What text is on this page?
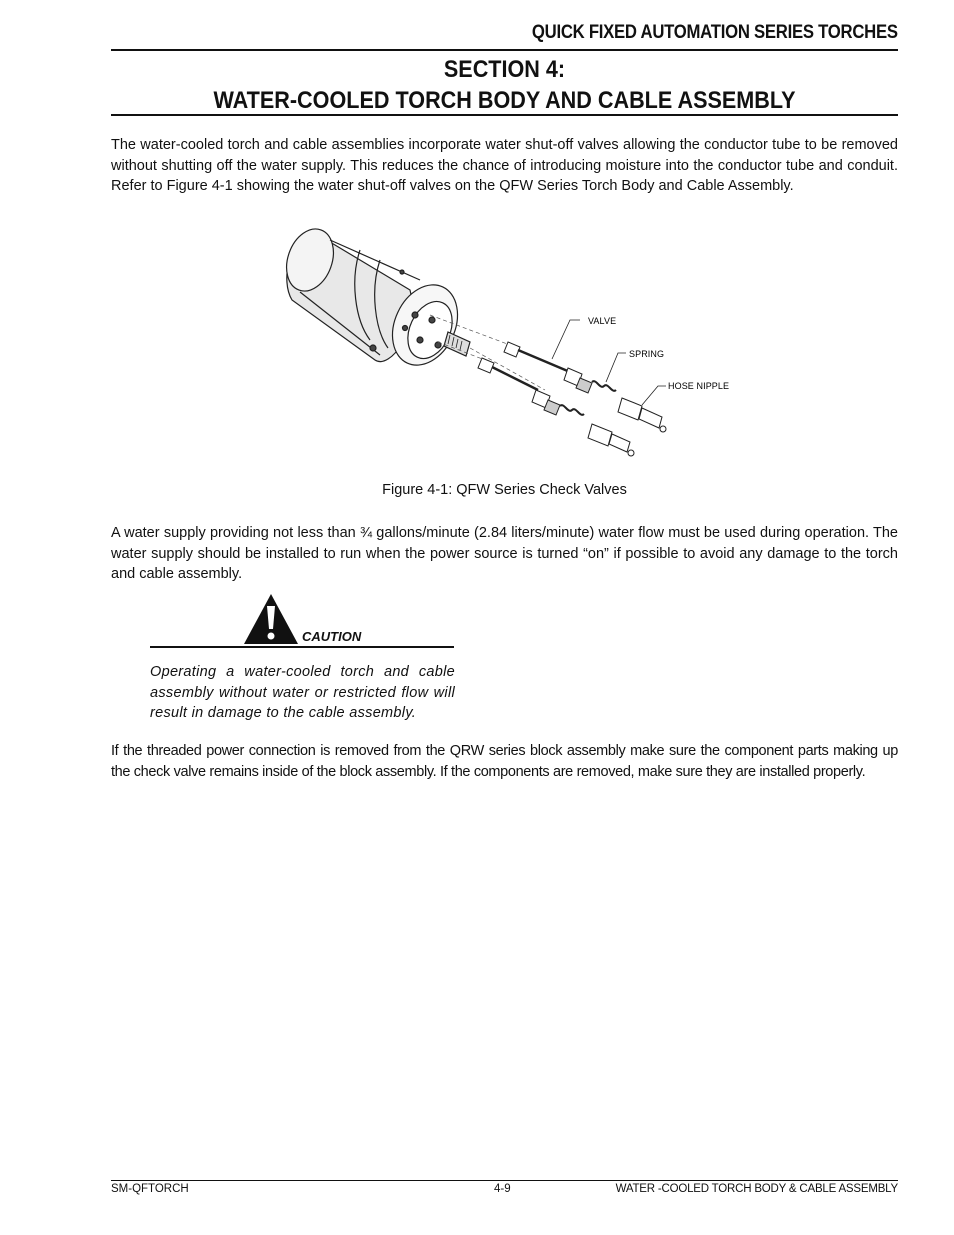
QUICK FIXED AUTOMATION SERIES TORCHES
SECTION 4:
WATER-COOLED TORCH BODY AND CABLE ASSEMBLY
The water-cooled torch and cable assemblies incorporate water shut-off valves allowing the conductor tube to be removed without shutting off the water supply. This reduces the chance of introducing moisture into the conductor tube and conduit. Refer to Figure 4-1 showing the water shut-off valves on the QFW Series Torch Body and Cable Assembly.
VALVE
SPRING
HOSE NIPPLE
Figure 4-1: QFW Series Check Valves
A water supply providing not less than ¾ gallons/minute (2.84 liters/minute) water flow must be used during operation. The water supply should be installed to run when the power source is turned “on” if possible to avoid any damage to the torch and cable assembly.
CAUTION
Operating a water-cooled torch and cable assembly without water or restricted flow will result in damage to the cable assembly.
If the threaded power connection is removed from the QRW series block assembly make sure the component parts making up the check valve remains inside of the block assembly. If the components are removed, make sure they are installed properly.
SM-QFTORCH	4-9	WATER -COOLED TORCH BODY & CABLE ASSEMBLY
